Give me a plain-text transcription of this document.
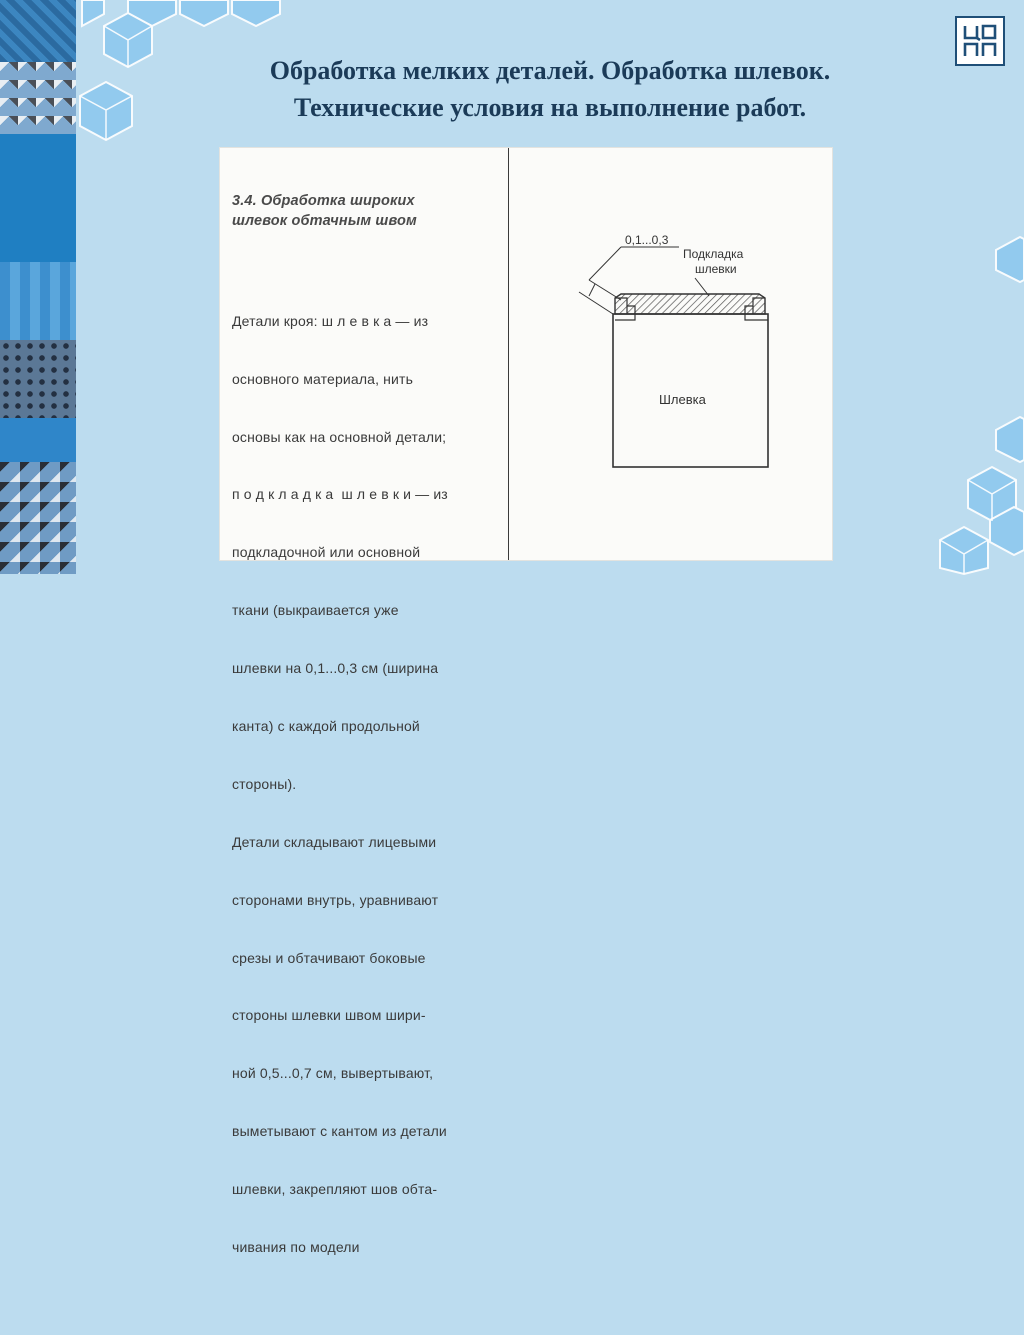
Обработка мелких деталей. Обработка шлевок.
Технические условия на выполнение работ.

3.4. Обработка широких
шлевок обтачным швом

Детали кроя: ш л е в к а — из

основного материала, нить

основы как на основной детали;

п о д к л а д к а  ш л е в к и — из

подкладочной или основной

ткани (выкраивается уже

шлевки на 0,1...0,3 см (ширина

канта) с каждой продольной

стороны).

Детали складывают лицевыми

сторонами внутрь, уравнивают

срезы и обтачивают боковые

стороны шлевки швом шири-

ной 0,5...0,7 см, вывертывают,

выметывают с кантом из детали

шлевки, закрепляют шов обта-

чивания по модели

0,1...0,3
Подкладка
шлевки
Шлевка
